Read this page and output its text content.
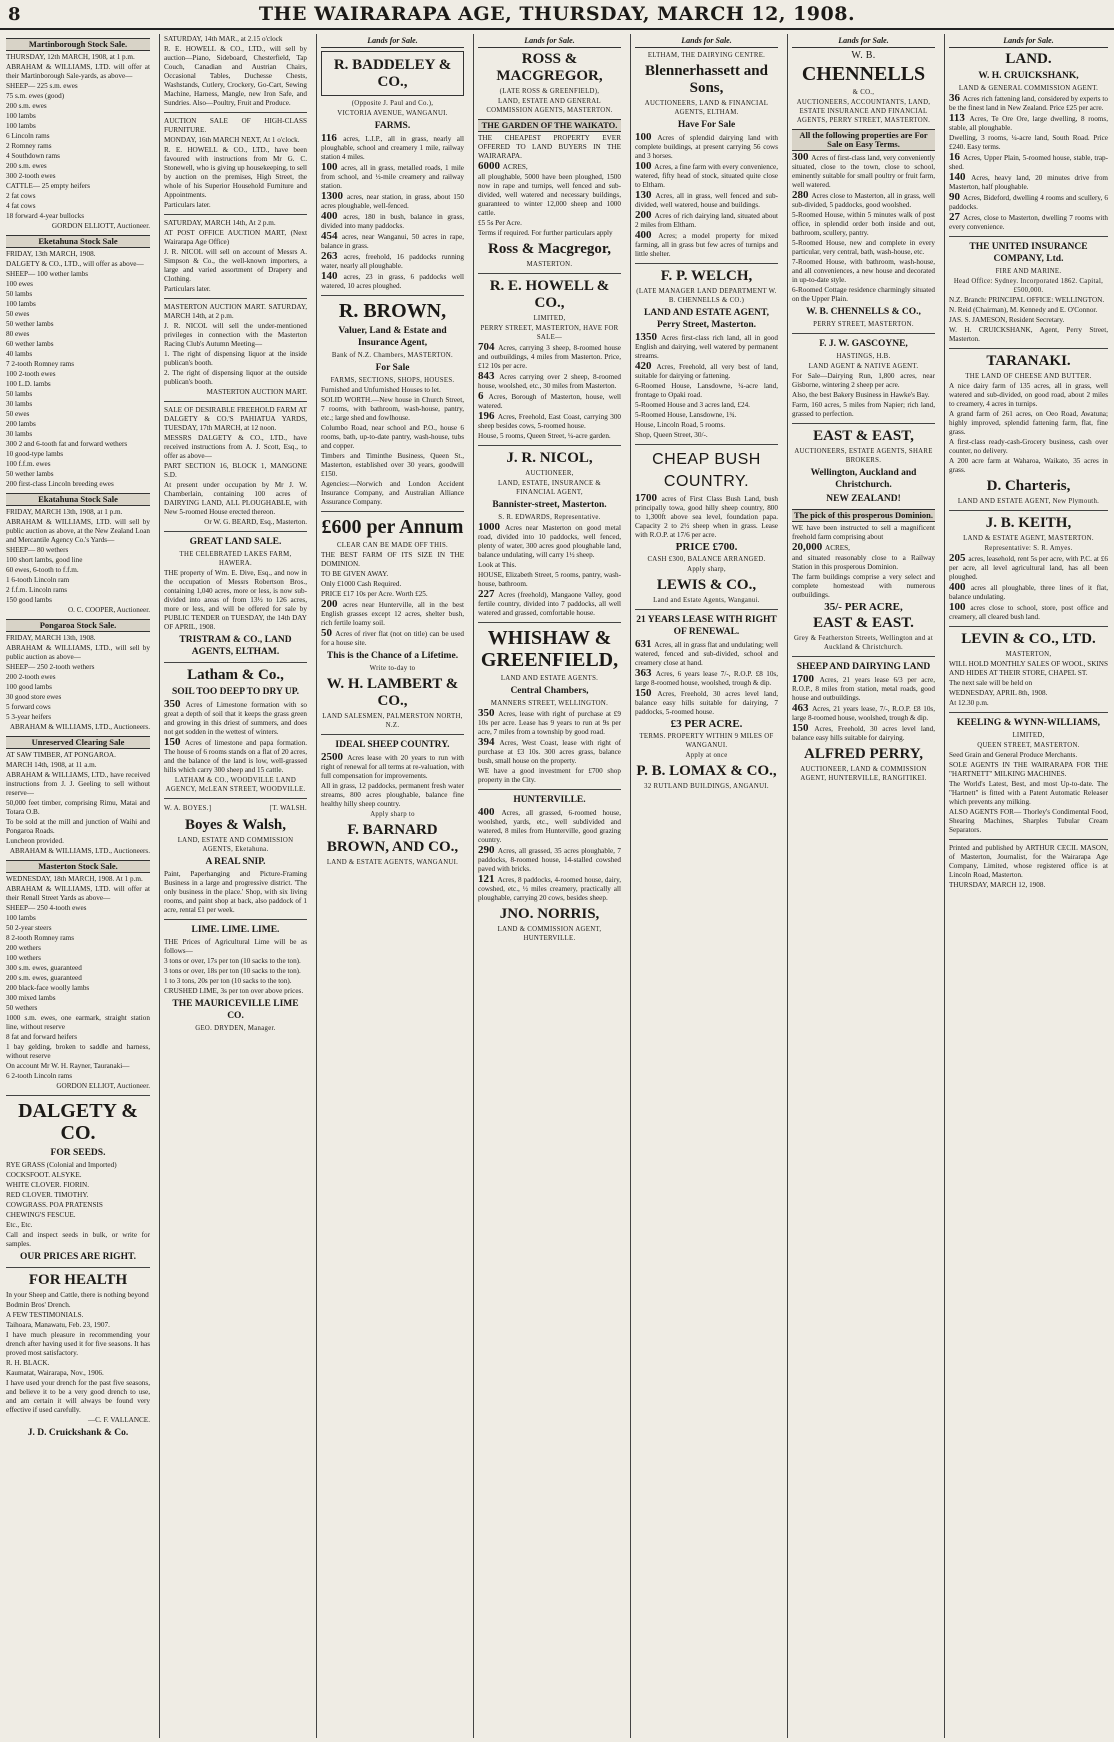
8	THE WAIRARAPA AGE, THURSDAY, MARCH 12, 1908.
Martinborough Stock Sale.
THURSDAY, 12th MARCH, 1908, at 1 p.m.
ABRAHAM & WILLIAMS, LTD. will offer at their Martinborough Sale-yards, as above—
SHEEP— 225 s.m. ewes
75 s.m. ewes (good)
200 s.m. ewes
100 lambs
100 lambs
6 Lincoln rams
2 Romney rams
4 Southdown rams
200 s.m. ewes
300 2-tooth ewes
CATTLE— 25 empty heifers
2 fat cows
4 fat cows
18 forward 4-year bullocks
GORDON ELLIOTT, Auctioneer.
Eketahuna Stock Sale
FRIDAY, 13th MARCH, 1908.
DALGETY & CO., LTD., will offer as above—
SHEEP— 100 wether lambs
100 ewes
50 lambs
100 lambs
50 ewes
50 wether lambs
80 ewes
60 wether lambs
40 lambs
7 2-tooth Romney rams
100 2-tooth ewes
100 L.D. lambs
50 lambs
30 lambs
50 ewes
200 lambs
30 lambs
300 2 and 6-tooth fat and forward wethers
10 good-type lambs
100 f.f.m. ewes
50 wether lambs
200 first-class Lincoln breeding ewes
Ekatahuna Stock Sale
FRIDAY, MARCH 13th, 1908, at 1 p.m.
ABRAHAM & WILLIAMS, LTD. will sell by public auction as above, at the New Zealand Loan and Mercantile Agency Co.'s Yards—
SHEEP— 80 wethers
100 short lambs, good line
60 ewes, 6-tooth to f.f.m.
1 6-tooth Lincoln ram
2 f.f.m. Lincoln rams
150 good lambs
O. C. COOPER, Auctioneer.
Pongaroa Stock Sale.
FRIDAY, MARCH 13th, 1908.
ABRAHAM & WILLIAMS, LTD., will sell by public auction as above—
SHEEP— 250 2-tooth wethers
200 2-tooth ewes
100 good lambs
30 good store ewes
5 forward cows
5 3-year heifers
ABRAHAM & WILLIAMS, LTD., Auctioneers.
Unreserved Clearing Sale
AT SAW TIMBER, AT PONGAROA.
MARCH 14th, 1908, at 11 a.m.
ABRAHAM & WILLIAMS, LTD., have received instructions from J. J. Geeling to sell without reserve—
50,000 feet timber, comprising Rimu, Matai and Totara O.B.
To be sold at the mill and junction of Waihi and Pongaroa Roads.
Luncheon provided.
ABRAHAM & WILLIAMS, LTD., Auctioneers.
Masterton Stock Sale.
WEDNESDAY, 18th MARCH, 1908. At 1 p.m.
ABRAHAM & WILLIAMS, LTD. will offer at their Renall Street Yards as above—
SHEEP— 250 4-tooth ewes
100 lambs
50 2-year steers
8 2-tooth Romney rams
200 wethers
100 wethers
300 s.m. ewes, guaranteed
200 s.m. ewes, guaranteed
200 black-face woolly lambs
300 mixed lambs
50 wethers
1000 s.m. ewes, one earmark, straight station line, without reserve
8 fat and forward heifers
1 bay gelding, broken to saddle and harness, without reserve
On account Mr W. H. Rayner, Tauranaki—
6 2-tooth Lincoln rams
GORDON ELLIOT, Auctioneer.
DALGETY & CO.
FOR SEEDS.
RYE GRASS (Colonial and Imported)
COCKSFOOT. ALSYKE.
WHITE CLOVER. FIORIN.
RED CLOVER. TIMOTHY.
COWGRASS. POA PRATENSIS
CHEWING'S FESCUE.
Etc., Etc.
Call and inspect seeds in bulk, or write for samples.
OUR PRICES ARE RIGHT.
FOR HEALTH
In your Sheep and Cattle, there is nothing beyond
Bodmin Bros' Drench.
A FEW TESTIMONIALS.
Taihoara, Manawatu, Feb. 23, 1907.
I have much pleasure in recommending your drench after having used it for five seasons. It has proved most satisfactory.
R. H. BLACK.
Kaumatat, Wairarapa, Nov., 1906.
I have used your drench for the past five seasons, and believe it to be a very good drench to use, and am certain it will always be found very effective if used carefully.
—C. F. VALLANCE.
J. D. Cruickshank & Co.
SATURDAY, 14th MAR., at 2.15 o'clock
R. E. HOWELL & CO., LTD., will sell by auction—Piano, Sideboard, Chesterfield, Tap Couch, Canadian and Austrian Chairs, Occasional Tables, Duchesse Chests, Washstands, Cutlery, Crockery, Go-Cart, Sewing Machine, Harness, Mangle, new Iron Safe, and Sundries. Also—Poultry, Fruit and Produce.
AUCTION SALE OF HIGH-CLASS FURNITURE.
MONDAY, 16th MARCH NEXT, At 1 o'clock.
R. E. HOWELL & CO., LTD., have been favoured with instructions from Mr G. C. Stonewell, who is giving up housekeeping, to sell by auction on the premises, High Street, the whole of his Superior Household Furniture and Appointments.
Particulars later.
SATURDAY, MARCH 14th, At 2 p.m.
AT POST OFFICE AUCTION MART, (Next Wairarapa Age Office)
J. R. NICOL will sell on account of Messrs A. Simpson & Co., the well-known importers, a large and varied assortment of Drapery and Clothing.
Particulars later.
MASTERTON AUCTION MART. SATURDAY, MARCH 14th, at 2 p.m.
J. R. NICOL will sell the under-mentioned privileges in connection with the Masterton Racing Club's Autumn Meeting—
1. The right of dispensing liquor at the inside publican's booth.
2. The right of dispensing liquor at the outside publican's booth.
MASTERTON AUCTION MART.
SALE OF DESIRABLE FREEHOLD FARM AT DALGETY & CO.'S PAHIATUA YARDS, TUESDAY, 17th MARCH, at 12 noon.
MESSRS DALGETY & CO., LTD., have received instructions from A. J. Scott, Esq., to offer as above—
PART SECTION 16, BLOCK 1, MANGONE S.D.
At present under occupation by Mr J. W. Chamberlain, containing 100 acres of DAIRYING LAND, ALL PLOUGHABLE, with New 5-roomed House erected thereon.
Or W. G. BEARD, Esq., Masterton.
GREAT LAND SALE.
THE CELEBRATED LAKES FARM, HAWERA.
THE property of Wm. E. Dive, Esq., and now in the occupation of Messrs Robertson Bros., containing 1,040 acres, more or less, is now sub-divided into areas of from 13½ to 126 acres, more or less, and will be offered for sale by PUBLIC TENDER on TUESDAY, the 14th DAY OF APRIL, 1908.
TRISTRAM & CO., LAND AGENTS, ELTHAM.
Latham & Co.,
SOIL TOO DEEP TO DRY UP.
350 Acres of Limestone formation with so great a depth of soil that it keeps the grass green and growing in this driest of summers, and does not get sodden in the wettest of winters.
150 Acres of limestone and papa formation. The house of 6 rooms stands on a flat of 20 acres, and the balance of the land is low, well-grassed hills which carry 300 sheep and 15 cattle.
LATHAM & CO., WOODVILLE LAND AGENCY, McLEAN STREET, WOODVILLE.
W. A. BOYES.]	[T. WALSH.
Boyes & Walsh,
LAND, ESTATE AND COMMISSION AGENTS, Eketahuna.
A REAL SNIP.
Paint, Paperhanging and Picture-Framing Business in a large and progressive district. 'The only business in the place.' Shop, with six living rooms, and paint shop at back, also paddock of 1 acre, rental £1 per week.
LIME. LIME. LIME.
THE Prices of Agricultural Lime will be as follows—
3 tons or over, 17s per ton (10 sacks to the ton).
3 tons or over, 18s per ton (10 sacks to the ton).
1 to 3 tons, 20s per ton (10 sacks to the ton).
CRUSHED LIME, 3s per ton over above prices.
THE MAURICEVILLE LIME CO.
GEO. DRYDEN, Manager.
Lands for Sale.
R. BADDELEY & CO.,
(Opposite J. Paul and Co.),
VICTORIA AVENUE, WANGANUI.
FARMS.
116 acres, L.I.P., all in grass, nearly all ploughable, school and creamery 1 mile, railway station 4 miles.
100 acres, all in grass, metalled roads, 1 mile from school, and ½-mile creamery and railway station.
1300 acres, near station, in grass, about 150 acres ploughable, well-fenced.
400 acres, 180 in bush, balance in grass, divided into many paddocks.
454 acres, near Wanganui, 50 acres in rape, balance in grass.
263 acres, freehold, 16 paddocks running water, nearly all ploughable.
140 acres, 23 in grass, 6 paddocks well watered, 10 acres ploughed.
R. BROWN,
Valuer, Land & Estate and Insurance Agent,
Bank of N.Z. Chambers, MASTERTON.
For Sale
FARMS, SECTIONS, SHOPS, HOUSES.
Furnished and Unfurnished Houses to let.
SOLID WORTH.—New house in Church Street, 7 rooms, with bathroom, wash-house, pantry, etc.; large shed and fowlhouse.
Columbo Road, near school and P.O., house 6 rooms, bath, up-to-date pantry, wash-house, tubs and copper.
Timbers and Timinthe Business, Queen St., Masterton, established over 30 years, goodwill £150.
Agencies:—Norwich and London Accident Insurance Company, and Australian Alliance Assurance Company.
£600 per Annum
CLEAR CAN BE MADE OFF THIS.
THE BEST FARM OF ITS SIZE IN THE DOMINION.
TO BE GIVEN AWAY.
Only £1000 Cash Required.
PRICE £17 10s per Acre. Worth £25.
200 acres near Hunterville, all in the best English grasses except 12 acres, shelter bush, rich fertile loamy soil.
50 Acres of river flat (not on title) can be used for a house site.
This is the Chance of a Lifetime.
Write to-day to
W. H. LAMBERT & CO.,
LAND SALESMEN, PALMERSTON NORTH, N.Z.
IDEAL SHEEP COUNTRY.
2500 Acres lease with 20 years to run with right of renewal for all terms at re-valuation, with full compensation for improvements.
All in grass, 12 paddocks, permanent fresh water streams, 800 acres ploughable, balance fine healthy hilly sheep country.
Apply sharp to
F. BARNARD BROWN, AND CO.,
LAND & ESTATE AGENTS, WANGANUI.
Lands for Sale.
ROSS & MACGREGOR,
(LATE ROSS & GREENFIELD),
LAND, ESTATE AND GENERAL COMMISSION AGENTS, MASTERTON.
THE GARDEN OF THE WAIKATO.
THE CHEAPEST PROPERTY EVER OFFERED TO LAND BUYERS IN THE WAIRARAPA.
6000 ACRES,
all ploughable, 5000 have been ploughed, 1500 now in rape and turnips, well fenced and sub-divided, well watered and necessary buildings, guaranteed to winter 12,000 sheep and 1000 cattle.
£5 5s Per Acre.
Terms if required. For further particulars apply
Ross & Macgregor,
MASTERTON.
R. E. HOWELL & CO.,
LIMITED,
PERRY STREET, MASTERTON, HAVE FOR SALE—
704 Acres, carrying 3 sheep, 8-roomed house and outbuildings, 4 miles from Masterton. Price, £12 10s per acre.
843 Acres carrying over 2 sheep, 8-roomed house, woolshed, etc., 30 miles from Masterton.
6 Acres, Borough of Masterton, house, well watered.
196 Acres, Freehold, East Coast, carrying 300 sheep besides cows, 5-roomed house.
House, 5 rooms, Queen Street, ¼-acre garden.
J. R. NICOL,
AUCTIONEER,
LAND, ESTATE, INSURANCE & FINANCIAL AGENT,
Bannister-street, Masterton.
S. R. EDWARDS, Representative.
1000 Acres near Masterton on good metal road, divided into 10 paddocks, well fenced, plenty of water, 300 acres good ploughable land, balance undulating, will carry 1½ sheep.
Look at This.
HOUSE, Elizabeth Street, 5 rooms, pantry, wash-house, bathroom.
227 Acres (freehold), Mangaone Valley, good fertile country, divided into 7 paddocks, all well watered and grassed, comfortable house.
WHISHAW & GREENFIELD,
LAND AND ESTATE AGENTS.
Central Chambers,
MANNERS STREET, WELLINGTON.
350 Acres, lease with right of purchase at £9 10s per acre. Lease has 9 years to run at 9s per acre, 7 miles from a township by good road.
394 Acres, West Coast, lease with right of purchase at £3 10s. 300 acres grass, balance bush, small house on the property.
WE have a good investment for £700 shop property in the City.
HUNTERVILLE.
400 Acres, all grassed, 6-roomed house, woolshed, yards, etc., well subdivided and watered, 8 miles from Hunterville, good grazing country.
290 Acres, all grassed, 35 acres ploughable, 7 paddocks, 8-roomed house, 14-stalled cowshed paved with bricks.
121 Acres, 8 paddocks, 4-roomed house, dairy, cowshed, etc., ½ miles creamery, practically all ploughable, carrying 20 cows, besides sheep.
JNO. NORRIS,
LAND & COMMISSION AGENT, HUNTERVILLE.
Lands for Sale.
ELTHAM, THE DAIRYING CENTRE.
Blennerhassett and Sons,
AUCTIONEERS, LAND & FINANCIAL AGENTS, ELTHAM.
Have For Sale
100 Acres of splendid dairying land with complete buildings, at present carrying 56 cows and 3 horses.
100 Acres, a fine farm with every convenience, watered, fifty head of stock, situated quite close to Eltham.
130 Acres, all in grass, well fenced and sub-divided, well watered, house and buildings.
200 Acres of rich dairying land, situated about 2 miles from Eltham.
400 Acres; a model property for mixed farming, all in grass but few acres of turnips and little shelter.
F. P. WELCH,
(LATE MANAGER LAND DEPARTMENT W. B. CHENNELLS & CO.)
LAND AND ESTATE AGENT, Perry Street, Masterton.
1350 Acres first-class rich land, all in good English and dairying, well watered by permanent streams.
420 Acres, Freehold, all very best of land, suitable for dairying or fattening.
6-Roomed House, Lansdowne, ¼-acre land, frontage to Opaki road.
5-Roomed House and 3 acres land, £24.
5-Roomed House, Lansdowne, 1¾.
House, Lincoln Road, 5 rooms.
Shop, Queen Street, 30/-.
CHEAP BUSH COUNTRY.
1700 acres of First Class Bush Land, bush principally towa, good hilly sheep country, 800 to 1,300ft above sea level, foundation papa. Capacity 2 to 2½ sheep when in grass. Lease with R.O.P. at 17/6 per acre.
PRICE £700.
CASH £300, BALANCE ARRANGED.
Apply sharp,
LEWIS & CO.,
Land and Estate Agents, Wanganui.
21 YEARS LEASE WITH RIGHT OF RENEWAL.
631 Acres, all in grass flat and undulating; well watered, fenced and sub-divided, school and creamery close at hand.
363 Acres, 6 years lease 7/-, R.O.P. £8 10s, large 8-roomed house, woolshed, trough & dip.
150 Acres, Freehold, 30 acres level land, balance easy hills suitable for dairying, 7 paddocks, 5-roomed house.
£3 PER ACRE.
TERMS. PROPERTY WITHIN 9 MILES OF WANGANUI.
Apply at once
P. B. LOMAX & CO.,
32 RUTLAND BUILDINGS, ANGANUI.
Lands for Sale.
W. B.
CHENNELLS
& CO.,
AUCTIONEERS, ACCOUNTANTS, LAND, ESTATE INSURANCE AND FINANCIAL AGENTS, PERRY STREET, MASTERTON.
All the following properties are For Sale on Easy Terms.
300 Acres of first-class land, very conveniently situated, close to the town, close to school, eminently suitable for small poultry or fruit farm, well watered.
280 Acres close to Masterton, all in grass, well sub-divided, 5 paddocks, good woolshed.
5-Roomed House, within 5 minutes walk of post office, in splendid order both inside and out, bathroom, scullery, pantry.
5-Roomed House, new and complete in every particular, very central, bath, wash-house, etc.
7-Roomed House, with bathroom, wash-house, and all conveniences, a new house and decorated in up-to-date style.
6-Roomed Cottage residence charmingly situated on the Upper Plain.
W. B. CHENNELLS & CO.,
PERRY STREET, MASTERTON.
F. J. W. GASCOYNE,
HASTINGS, H.B.
LAND AGENT & NATIVE AGENT.
For Sale—Dairying Run, 1,800 acres, near Gisborne, wintering 2 sheep per acre.
Also, the best Bakery Business in Hawke's Bay.
Farm, 160 acres, 5 miles from Napier; rich land, grassed to perfection.
EAST & EAST,
AUCTIONEERS, ESTATE AGENTS, SHARE BROKERS.
Wellington, Auckland and Christchurch.
NEW ZEALAND!
The pick of this prosperous Dominion.
WE have been instructed to sell a magnificent freehold farm comprising about
20,000 ACRES,
and situated reasonably close to a Railway Station in this prosperous Dominion.
The farm buildings comprise a very select and complete homestead with numerous outbuildings.
35/- PER ACRE,
EAST & EAST.
Grey & Featherston Streets, Wellington and at Auckland & Christchurch.
SHEEP AND DAIRYING LAND
1700 Acres, 21 years lease 6/3 per acre, R.O.P., 8 miles from station, metal roads, good house and outbuildings.
463 Acres, 21 years lease, 7/-, R.O.P. £8 10s, large 8-roomed house, woolshed, trough & dip.
150 Acres, Freehold, 30 acres level land, balance easy hills suitable for dairying.
ALFRED PERRY,
AUCTIONEER, LAND & COMMISSION AGENT, HUNTERVILLE, RANGITIKEI.
Lands for Sale.
LAND.
W. H. CRUICKSHANK,
LAND & GENERAL COMMISSION AGENT.
36 Acres rich fattening land, considered by experts to be the finest land in New Zealand. Price £25 per acre.
113 Acres, Te Ore Ore, large dwelling, 8 rooms, stable, all ploughable.
Dwelling, 3 rooms, ¼-acre land, South Road. Price £240. Easy terms.
16 Acres, Upper Plain, 5-roomed house, stable, trap-shed.
140 Acres, heavy land, 20 minutes drive from Masterton, half ploughable.
90 Acres, Bideford, dwelling 4 rooms and scullery, 6 paddocks.
27 Acres, close to Masterton, dwelling 7 rooms with every convenience.
THE UNITED INSURANCE COMPANY, Ltd.
FIRE AND MARINE.
Head Office: Sydney. Incorporated 1862. Capital, £500,000.
N.Z. Branch: PRINCIPAL OFFICE: WELLINGTON.
N. Reid (Chairman), M. Kennedy and E. O'Connor.
JAS. S. JAMESON, Resident Secretary.
W. H. CRUICKSHANK, Agent, Perry Street, Masterton.
TARANAKI.
THE LAND OF CHEESE AND BUTTER.
A nice dairy farm of 135 acres, all in grass, well watered and sub-divided, on good road, about 2 miles to creamery, 4 acres in turnips.
A grand farm of 261 acres, on Oeo Road, Awatuna; highly improved, splendid fattening farm, flat, fine grass.
A first-class ready-cash-Grocery business, cash over counter, no delivery.
A 200 acre farm at Waharoa, Waikato, 35 acres in grass.
D. Charteris,
LAND AND ESTATE AGENT, New Plymouth.
J. B. KEITH,
LAND & ESTATE AGENT, MASTERTON.
Representative: S. R. Amyes.
205 acres, leasehold, rent 5s per acre, with P.C. at £6 per acre, all level agricultural land, has all been ploughed.
400 acres all ploughable, three lines of it flat, balance undulating.
100 acres close to school, store, post office and creamery, all cleared bush land.
LEVIN & CO., LTD.
MASTERTON,
WILL HOLD MONTHLY SALES OF WOOL, SKINS AND HIDES AT THEIR STORE, CHAPEL ST.
The next sale will be held on
WEDNESDAY, APRIL 8th, 1908.
At 12.30 p.m.
KEELING & WYNN-WILLIAMS,
LIMITED,
QUEEN STREET, MASTERTON.
Seed Grain and General Produce Merchants.
SOLE AGENTS IN THE WAIRARAPA FOR THE "HARTNETT" MILKING MACHINES.
The World's Latest, Best, and most Up-to-date. The "Hartnett" is fitted with a Patent Automatic Releaser which prevents any milking.
ALSO AGENTS FOR— Thorley's Condimental Food, Shearing Machines, Sharples Tubular Cream Separators.
Printed and published by ARTHUR CECIL MASON, of Masterton, Journalist, for the Wairarapa Age Company, Limited, whose registered office is at Lincoln Road, Masterton.
THURSDAY, MARCH 12, 1908.
